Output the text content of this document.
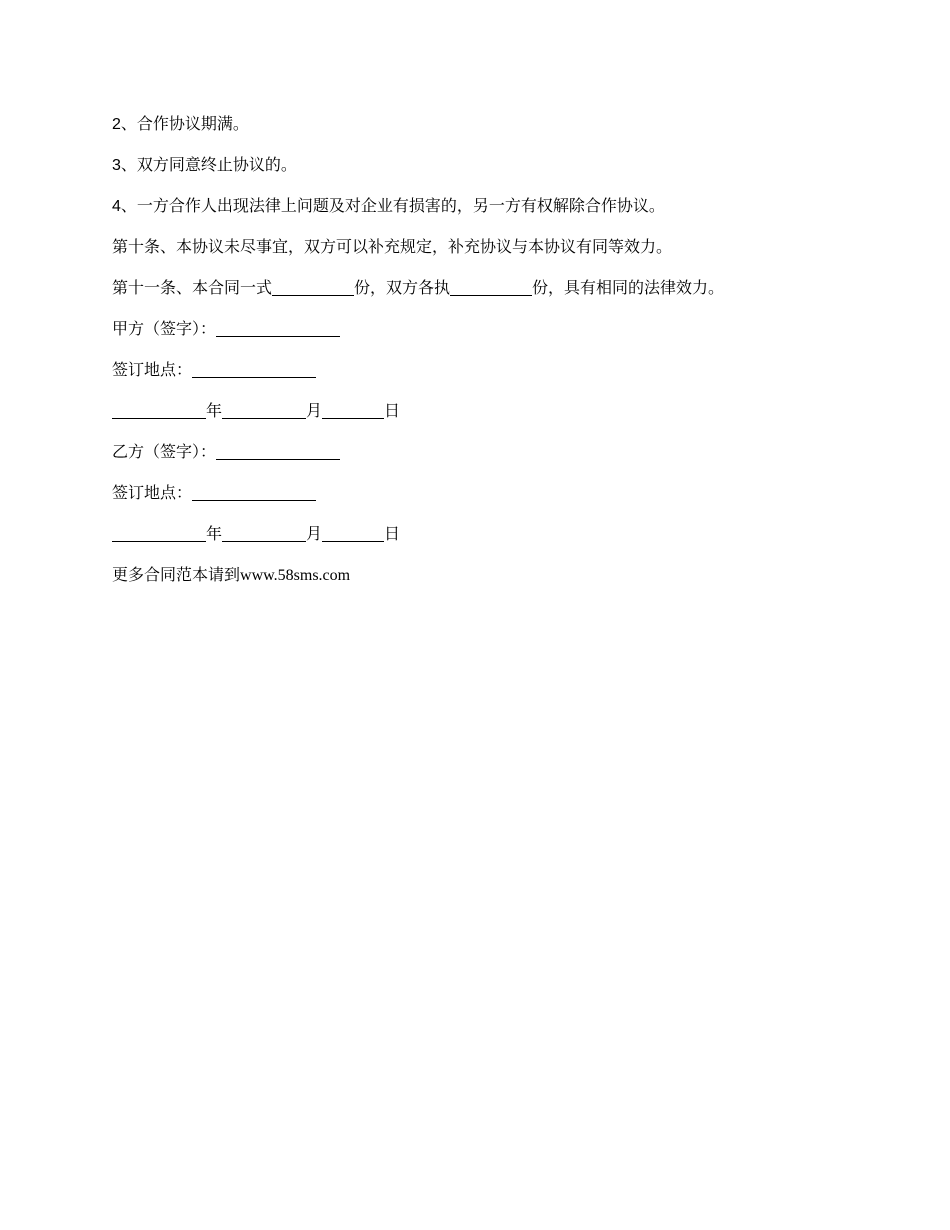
2、合作协议期满。
3、双方同意终止协议的。
4、一方合作人出现法律上问题及对企业有损害的，另一方有权解除合作协议。
第十条、本协议未尽事宜，双方可以补充规定，补充协议与本协议有同等效力。
第十一条、本合同一式	份，双方各执	份，具有相同的法律效力。
甲方（签字）：
签订地点：
年	月	日
乙方（签字）：
签订地点：
年	月	日
更多合同范本请到www.58sms.com
